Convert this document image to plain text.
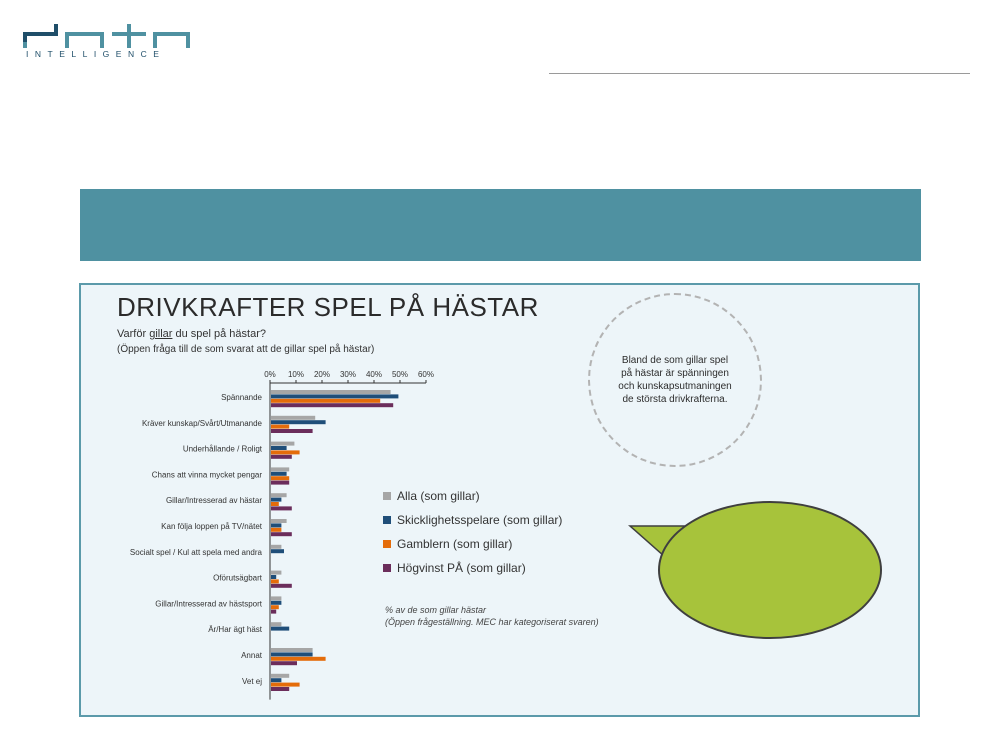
INTELLIGENCE
DRIVKRAFTER SPEL PÅ HÄSTAR
Varför gillar du spel på hästar?
(Öppen fråga till de som svarat att de gillar spel på hästar)
0% 10% 20% 30% 40% 50% 60%
Spännande
Kräver kunskap/Svårt/Utmanande
Underhållande / Roligt
Chans att vinna mycket pengar
Gillar/Intresserad av hästar
Kan följa loppen på TV/nätet
Socialt spel / Kul att spela med andra
Oförutsägbart
Gillar/Intresserad av hästsport
Är/Har ägt häst
Annat
Vet ej
Bland de som gillar spel på hästar är spänningen och kunskapsutmaningen de största drivkrafterna.
Alla (som gillar)
Skicklighetsspelare (som gillar)
Gamblern (som gillar)
Högvinst PÅ (som gillar)
% av de som gillar hästar
(Öppen frågeställning. MEC har kategoriserat svaren)
